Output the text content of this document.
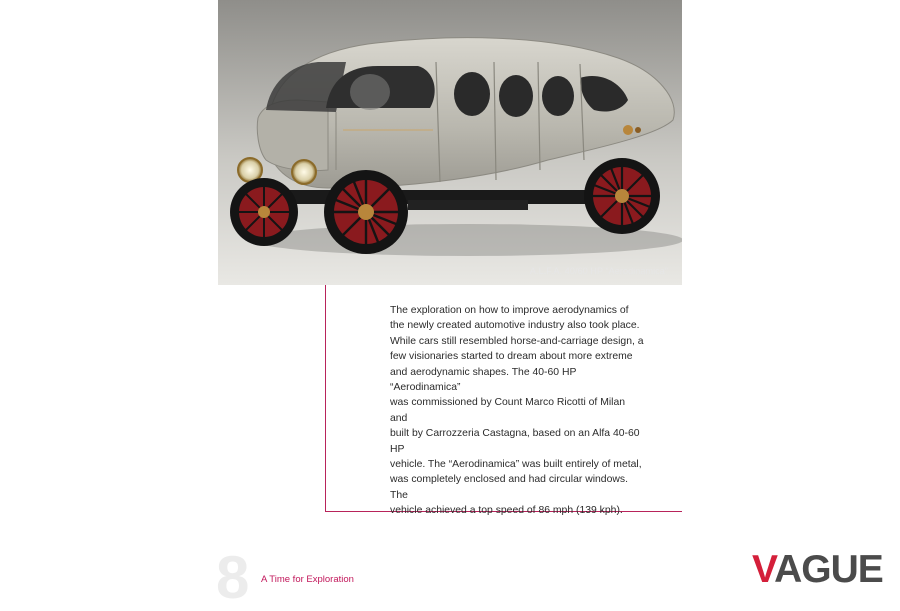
A.L.F.A. 40/60 HP “Aerodinamica”

The exploration on how to improve aerodynamics of
the newly created automotive industry also took place.
While cars still resembled horse-and-carriage design, a
few visionaries started to dream about more extreme
and aerodynamic shapes. The 40-60 HP “Aerodinamica”
was commissioned by Count Marco Ricotti of Milan and
built by Carrozzeria Castagna, based on an Alfa 40-60 HP
vehicle. The “Aerodinamica” was built entirely of metal,
was completely enclosed and had circular windows. The
vehicle achieved a top speed of 86 mph (139 kph).

8 A Time for Exploration	VAGUE
